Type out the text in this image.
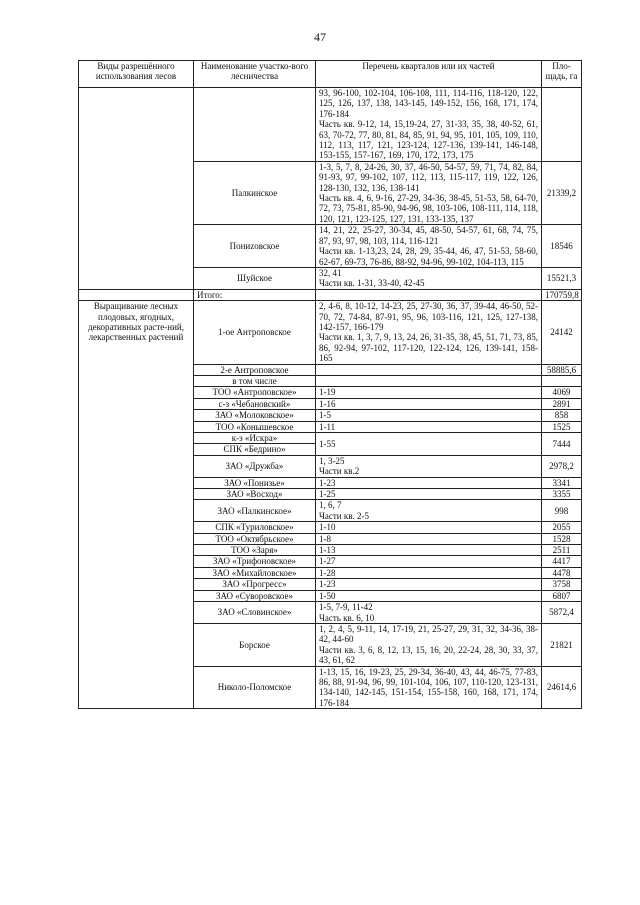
47
Виды разрешённого использования лесов	Наименование участко-вого лесничества	Перечень кварталов или их частей	Пло-щадь, га

		93, 96-100, 102-104, 106-108, 111, 114-116, 118-120, 122, 125, 126, 137, 138, 143-145, 149-152, 156, 168, 171, 174, 176-184
Часть кв. 9-12, 14, 15,19-24, 27, 31-33, 35, 38, 40-52, 61, 63, 70-72, 77, 80, 81, 84, 85, 91, 94, 95, 101, 105, 109, 110, 112, 113, 117, 121, 123-124, 127-136, 139-141, 146-148, 153-155, 157-167, 169, 170, 172, 173, 175	

	Палкинское	1-3, 5, 7, 8, 24-26, 30, 37, 46-50, 54-57, 59, 71, 74, 82, 84, 91-93, 97, 99-102, 107, 112, 113, 115-117, 119, 122, 126, 128-130, 132, 136, 138-141
Часть кв. 4, 6, 9-16, 27-29, 34-36, 38-45, 51-53, 58, 64-70, 72, 73, 75-81, 85-90, 94-96, 98, 103-106, 108-111, 114, 118, 120, 121, 123-125, 127, 131, 133-135, 137	21339,2
	Пониzовское	14, 21, 22, 25-27, 30-34, 45, 48-50, 54-57, 61, 68, 74, 75, 87, 93, 97, 98, 103, 114, 116-121
Части кв. 1-13,23, 24, 28, 29, 35-44, 46, 47, 51-53, 58-60, 62-67, 69-73, 76-86, 88-92, 94-96, 99-102, 104-113, 115	18546
	Шуйское	32, 41
Части кв. 1-31, 33-40, 42-45	15521,3
	Итого:		170759,8
Выращивание лесных плодовых, ягодных, декоративных расте-ний, лекарственных растений	1-ое Антроповское	2, 4-6, 8, 10-12, 14-23, 25, 27-30, 36, 37, 39-44, 46-50, 52-70, 72, 74-84, 87-91, 95, 96, 103-116, 121, 125, 127-138, 142-157, 166-179
Части кв. 1, 3, 7, 9, 13, 24, 26, 31-35, 38, 45, 51, 71, 73, 85, 86, 92-94, 97-102, 117-120, 122-124, 126, 139-141, 158-165	24142
	2-е Антроповское		58885,6
	в том числе	

	ТОО «Антроповское»	1-19	4069
	с-з «Чебановский»	1-16	2891
	ЗАО «Молоковское»	1-5	858
	ТОО «Конышевское	1-11	1525
	к-з «Искра»	1-55	7444
	СПК «Бедрино»		
	ЗАО «Дружба»	1, 3-25
Части кв.2	2978,2
	ЗАО «Понизье»	1-23	3341
	ЗАО «Восход»	1-25	3355
	ЗАО «Палкинское»	1, 6, 7
Части кв. 2-5	998
	СПК «Туриловское»	1-10	2055
	ТОО «Октябрьское»	1-8	1528
	ТОО «Заря»	1-13	2511
	ЗАО «Трифоновское»	1-27	4417
	ЗАО «Михайловское»	1-28	4478
	ЗАО «Прогресс»	1-23	3758
	ЗАО «Суворовское»	1-50	6807
	ЗАО «Словинское»	1-5, 7-9, 11-42
Часть кв. 6, 10	5872,4
	Борское	1, 2, 4, 5, 9-11, 14, 17-19, 21, 25-27, 29, 31, 32, 34-36, 38-42, 44-60
Части кв. 3, 6, 8, 12, 13, 15, 16, 20, 22-24, 28, 30, 33, 37, 43, 61, 62	21821
	Николо-Поломское	1-13, 15, 16, 19-23, 25, 29-34, 36-40, 43, 44, 46-75, 77-83, 86, 88, 91-94, 96, 99, 101-104, 106, 107, 110-120, 123-131, 134-140, 142-145, 151-154, 155-158, 160, 168, 171, 174, 176-184	24614,6
